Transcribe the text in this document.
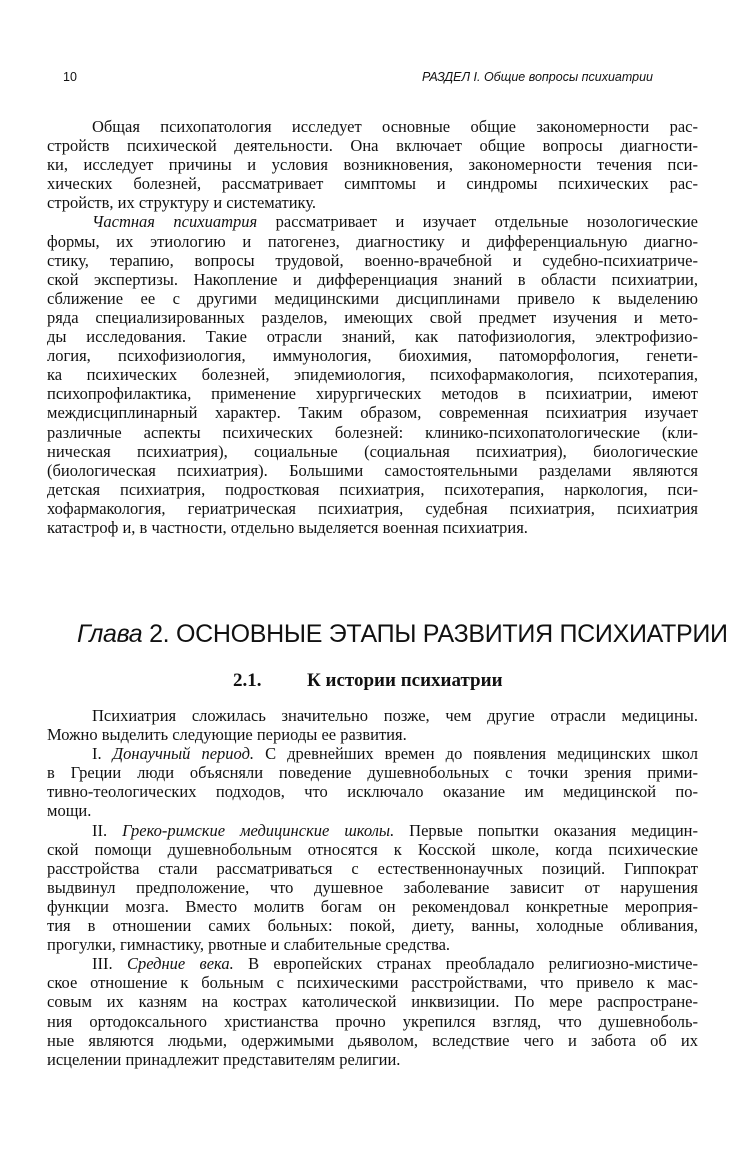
10	РАЗДЕЛ I. Общие вопросы психиатрии
Общая психопатология исследует основные общие закономерности рас-
стройств психической деятельности. Она включает общие вопросы диагности-
ки, исследует причины и условия возникновения, закономерности течения пси-
хических болезней, рассматривает симптомы и синдромы психических рас-
стройств, их структуру и систематику.
Частная психиатрия рассматривает и изучает отдельные нозологические
формы, их этиологию и патогенез, диагностику и дифференциальную диагно-
стику, терапию, вопросы трудовой, военно-врачебной и судебно-психиатриче-
ской экспертизы. Накопление и дифференциация знаний в области психиатрии,
сближение ее с другими медицинскими дисциплинами привело к выделению
ряда специализированных разделов, имеющих свой предмет изучения и мето-
ды исследования. Такие отрасли знаний, как патофизиология, электрофизио-
логия, психофизиология, иммунология, биохимия, патоморфология, генети-
ка психических болезней, эпидемиология, психофармакология, психотерапия,
психопрофилактика, применение хирургических методов в психиатрии, имеют
междисциплинарный характер. Таким образом, современная психиатрия изучает
различные аспекты психических болезней: клинико-психопатологические (кли-
ническая психиатрия), социальные (социальная психиатрия), биологические
(биологическая психиатрия). Большими самостоятельными разделами являются
детская психиатрия, подростковая психиатрия, психотерапия, наркология, пси-
хофармакология, гериатрическая психиатрия, судебная психиатрия, психиатрия
катастроф и, в частности, отдельно выделяется военная психиатрия.
Глава 2. ОСНОВНЫЕ ЭТАПЫ РАЗВИТИЯ ПСИХИАТРИИ
2.1. К истории психиатрии
Психиатрия сложилась значительно позже, чем другие отрасли медицины.
Можно выделить следующие периоды ее развития.
I. Донаучный период. С древнейших времен до появления медицинских школ
в Греции люди объясняли поведение душевнобольных с точки зрения прими-
тивно-теологических подходов, что исключало оказание им медицинской по-
мощи.
II. Греко-римские медицинские школы. Первые попытки оказания медицин-
ской помощи душевнобольным относятся к Косской школе, когда психические
расстройства стали рассматриваться с естественнонаучных позиций. Гиппократ
выдвинул предположение, что душевное заболевание зависит от нарушения
функции мозга. Вместо молитв богам он рекомендовал конкретные мероприя-
тия в отношении самих больных: покой, диету, ванны, холодные обливания,
прогулки, гимнастику, рвотные и слабительные средства.
III. Средние века. В европейских странах преобладало религиозно-мистиче-
ское отношение к больным с психическими расстройствами, что привело к мас-
совым их казням на кострах католической инквизиции. По мере распростране-
ния ортодоксального христианства прочно укрепился взгляд, что душевноболь-
ные являются людьми, одержимыми дьяволом, вследствие чего и забота об их
исцелении принадлежит представителям религии.
